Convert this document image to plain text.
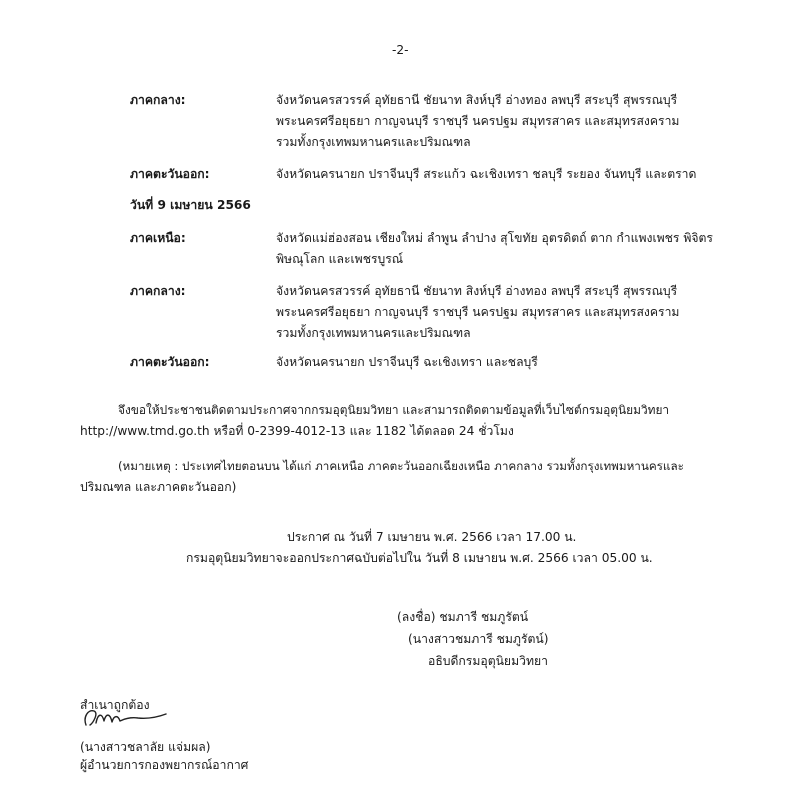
-2-
ภาคกลาง:	จังหวัดนครสวรรค์ อุทัยธานี ชัยนาท สิงห์บุรี อ่างทอง ลพบุรี สระบุรี สุพรรณบุรี
พระนครศรีอยุธยา กาญจนบุรี ราชบุรี นครปฐม สมุทรสาคร และสมุทรสงคราม
รวมทั้งกรุงเทพมหานครและปริมณฑล
ภาคตะวันออก:	จังหวัดนครนายก ปราจีนบุรี สระแก้ว ฉะเชิงเทรา ชลบุรี ระยอง จันทบุรี และตราด
วันที่ 9 เมษายน 2566
ภาคเหนือ:	จังหวัดแม่ฮ่องสอน เชียงใหม่ ลำพูน ลำปาง สุโขทัย อุตรดิตถ์ ตาก กำแพงเพชร พิจิตร
พิษณุโลก และเพชรบูรณ์
ภาคกลาง:	จังหวัดนครสวรรค์ อุทัยธานี ชัยนาท สิงห์บุรี อ่างทอง ลพบุรี สระบุรี สุพรรณบุรี
พระนครศรีอยุธยา กาญจนบุรี ราชบุรี นครปฐม สมุทรสาคร และสมุทรสงคราม
รวมทั้งกรุงเทพมหานครและปริมณฑล
ภาคตะวันออก:	จังหวัดนครนายก ปราจีนบุรี ฉะเชิงเทรา และชลบุรี
จึงขอให้ประชาชนติดตามประกาศจากกรมอุตุนิยมวิทยา และสามารถติดตามข้อมูลที่เว็บไซต์กรมอุตุนิยมวิทยา
http://www.tmd.go.th หรือที่ 0-2399-4012-13 และ 1182 ได้ตลอด 24 ชั่วโมง
(หมายเหตุ : ประเทศไทยตอนบน ได้แก่ ภาคเหนือ ภาคตะวันออกเฉียงเหนือ ภาคกลาง รวมทั้งกรุงเทพมหานครและ
ปริมณฑล และภาคตะวันออก)
ประกาศ ณ วันที่ 7 เมษายน พ.ศ. 2566 เวลา 17.00 น.
กรมอุตุนิยมวิทยาจะออกประกาศฉบับต่อไปใน วันที่ 8 เมษายน พ.ศ. 2566 เวลา 05.00 น.
(ลงชื่อ) ชมภารี ชมภูรัตน์
(นางสาวชมภารี ชมภูรัตน์)
อธิบดีกรมอุตุนิยมวิทยา
สำเนาถูกต้อง
(นางสาวชลาลัย แจ่มผล)
ผู้อำนวยการกองพยากรณ์อากาศ
